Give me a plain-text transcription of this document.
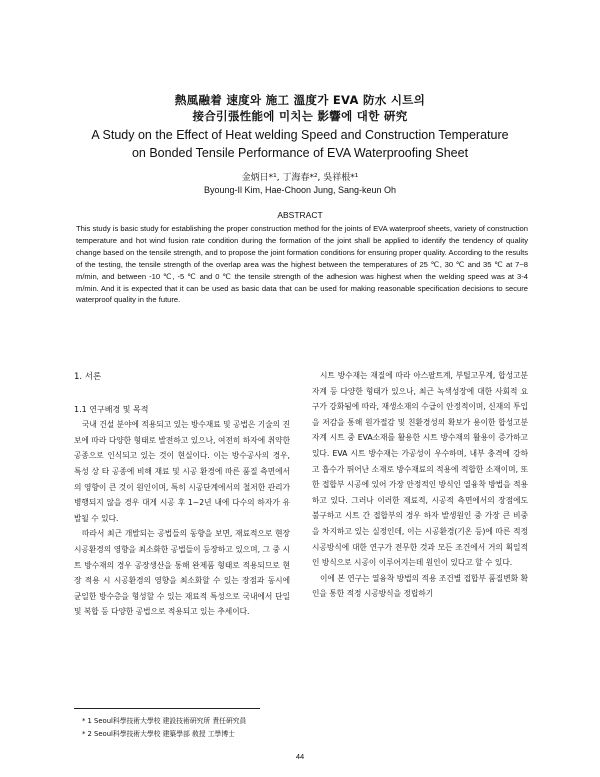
熱風融着 速度와 施工 溫度가 EVA 防水 시트의
接合引張性能에 미치는 影響에 대한 硏究
A Study on the Effect of Heat welding Speed and Construction Temperature
on Bonded Tensile Performance of EVA Waterproofing Sheet
金炳日*¹, 丁海春*², 吳祥根*¹
Byoung-Il Kim, Hae-Choon Jung, Sang-keun Oh
ABSTRACT

This study is basic study for establishing the proper construction method for the joints of EVA waterproof sheets, variety of construction temperature and hot wind fusion rate condition during the formation of the joint shall be applied to identify the tendency of quality change based on the tensile strength, and to propose the joint formation conditions for ensuring proper quality. According to the results of the testing, the tensile strength of the overlap area was the highest between the temperatures of 25 ℃, 30 ℃ and 35 ℃ at 7~8 m/min, and between -10 ℃, -5 ℃ and 0 ℃ the tensile strength of the adhesion was highest when the welding speed was at 3-4 m/min. And it is expected that it can be used as basic data that can be used for making reasonable specification decisions to secure waterproof quality in the future.

1. 서론

1.1 연구배경 및 목적

국내 건설 분야에 적용되고 있는 방수재료 및 공법은 기술의 진보에 따라 다양한 형태로 발전하고 있으나, 여전히 하자에 취약한 공종으로 인식되고 있는 것이 현실이다. 이는 방수공사의 경우, 특성 상 타 공종에 비해 재료 및 시공 환경에 따른 품질 측면에서의 영향이 큰 것이 원인이며, 특히 시공단계에서의 철저한 관리가 병행되지 않을 경우 대게 시공 후 1~2년 내에 다수의 하자가 유발될 수 있다.

따라서 최근 개발되는 공법들의 동향을 보면, 재료적으로 현장 시공환경의 영향을 최소화한 공법들이 등장하고 있으며, 그 중 시트 방수재의 경우 공장생산을 통해 완제품 형태로 적용되므로 현장 적용 시 시공환경의 영향을 최소화할 수 있는 장점과 동시에 균일한 방수층을 형성할 수 있는 재료적 특성으로 국내에서 단일 및 복합 등 다양한 공법으로 적용되고 있는 추세이다.

시트 방수재는 재질에 따라 아스팔트계, 부틸고무계, 합성고분자계 등 다양한 형태가 있으나, 최근 녹색성장에 대한 사회적 요구가 강화됨에 따라, 재생소재의 수급이 안정적이며, 신재의 투입을 저감을 통해 원가절감 및 친환경성의 확보가 용이한 합성고분자계 시트 중 EVA소재를 활용한 시트 방수재의 활용이 증가하고 있다. EVA 시트 방수재는 가공성이 우수하며, 내부 충격에 강하고 흡수가 뛰어난 소재로 방수재료의 적용에 적합한 소재이며, 또한 접합부 시공에 있어 가장 안정적인 방식인 열융착 방법을 적용하고 있다. 그러나 이러한 재료적, 시공적 측면에서의 장점에도 불구하고 시트 간 접합부의 경우 하자 발생원인 중 가장 큰 비중을 차지하고 있는 실정인데, 이는 시공환경(기온 등)에 따른 적정 시공방식에 대한 연구가 전무한 것과 모든 조건에서 거의 획일적인 방식으로 시공이 이루어지는데 원인이 있다고 할 수 있다.

이에 본 연구는 열융착 방법의 적용 조건별 접합부 품질변화 확인을 통한 적정 시공방식을 정립하기

* 1 Seoul科學技術大學校 建設技術硏究所 責任硏究員
* 2 Seoul科學技術大學校 建築學部 敎授 工學博士
44
